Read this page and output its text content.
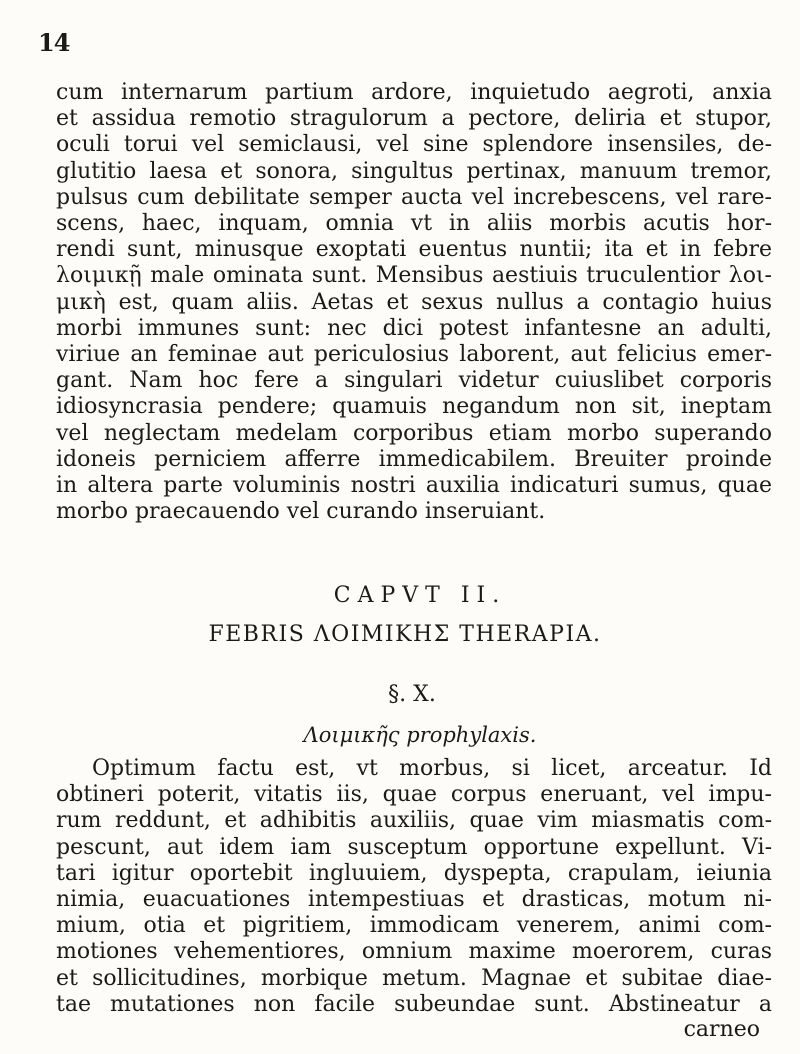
14
cum internarum partium ardore, inquietudo aegroti, anxia
et assidua remotio stragulorum a pectore, deliria et stupor,
oculi torui vel semiclausi, vel sine splendore insensiles, de-
glutitio laesa et sonora, singultus pertinax, manuum tremor,
pulsus cum debilitate semper aucta vel increbescens, vel rare-
scens, haec, inquam, omnia vt in aliis morbis acutis hor-
rendi sunt, minusque exoptati euentus nuntii; ita et in febre
λοιμικῇ male ominata sunt. Mensibus aestiuis truculentior λοι-
μικὴ est, quam aliis. Aetas et sexus nullus a contagio huius
morbi immunes sunt: nec dici potest infantesne an adulti,
viriue an feminae aut periculosius laborent, aut felicius emer-
gant. Nam hoc fere a singulari videtur cuiuslibet corporis
idiosyncrasia pendere; quamuis negandum non sit, ineptam
vel neglectam medelam corporibus etiam morbo superando
idoneis perniciem afferre immedicabilem. Breuiter proinde
in altera parte voluminis nostri auxilia indicaturi sumus, quae
morbo praecauendo vel curando inseruiant.
CAPVT II.
FEBRIS ΛΟΙΜΙΚΗΣ THERAPIA.
§. X.
Λοιμικῆς prophylaxis.
Optimum factu est, vt morbus, si licet, arceatur. Id
obtineri poterit, vitatis iis, quae corpus eneruant, vel impu-
rum reddunt, et adhibitis auxiliis, quae vim miasmatis com-
pescunt, aut idem iam susceptum opportune expellunt. Vi-
tari igitur oportebit ingluuiem, dyspepta, crapulam, ieiunia
nimia, euacuationes intempestiuas et drasticas, motum ni-
mium, otia et pigritiem, immodicam venerem, animi com-
motiones vehementiores, omnium maxime moerorem, curas
et sollicitudines, morbique metum. Magnae et subitae diae-
tae mutationes non facile subeundae sunt. Abstineatur a
carneo
